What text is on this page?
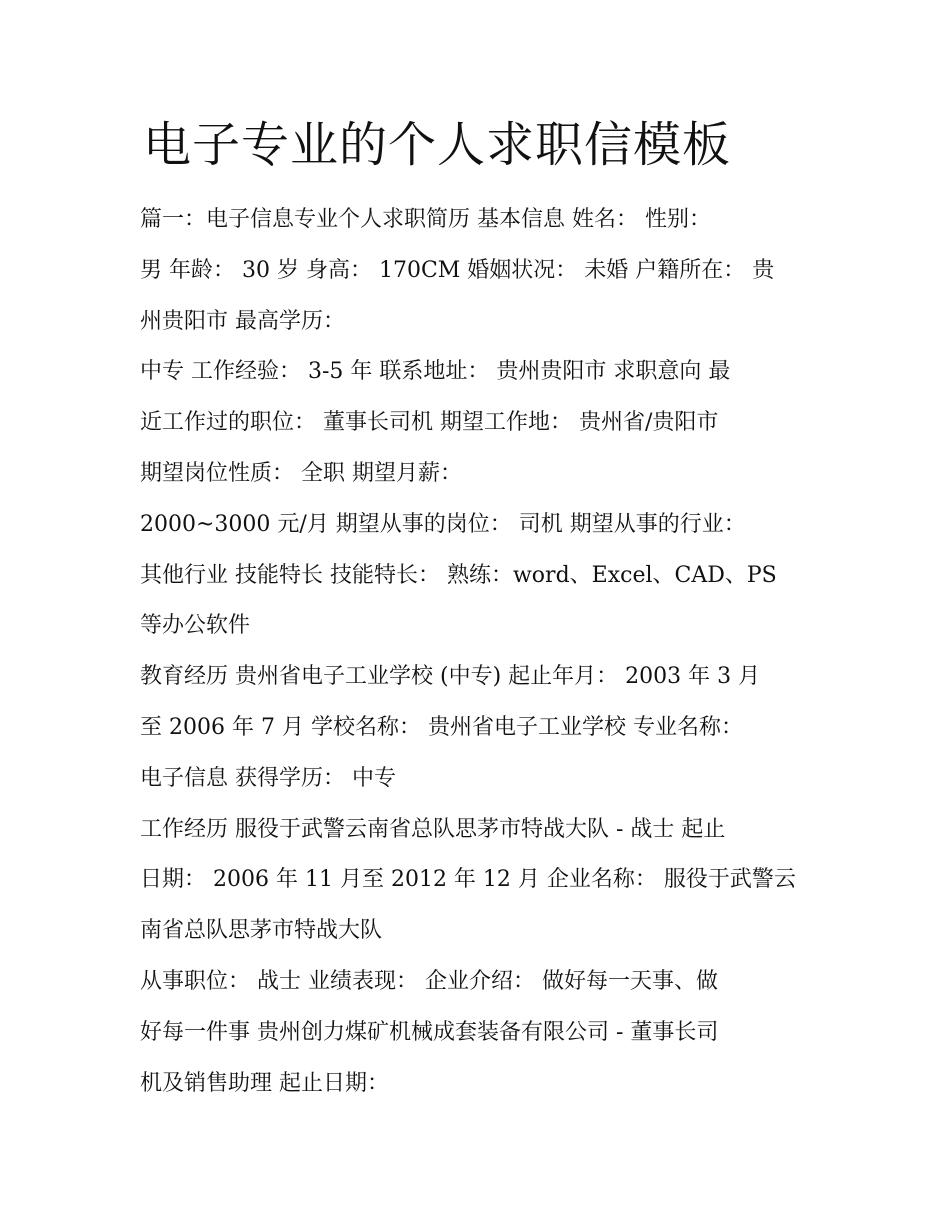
电子专业的个人求职信模板
篇一：电子信息专业个人求职简历 基本信息 姓名： 性别：
男 年龄： 30 岁 身高： 170CM 婚姻状况： 未婚 户籍所在： 贵
州贵阳市 最高学历：
中专 工作经验： 3-5 年 联系地址： 贵州贵阳市 求职意向 最
近工作过的职位： 董事长司机 期望工作地： 贵州省/贵阳市
期望岗位性质： 全职 期望月薪：
2000~3000 元/月 期望从事的岗位： 司机 期望从事的行业：
其他行业 技能特长 技能特长： 熟练：word、Excel、CAD、PS
等办公软件
教育经历 贵州省电子工业学校 (中专) 起止年月： 2003 年 3 月
至 2006 年 7 月 学校名称： 贵州省电子工业学校 专业名称：
电子信息 获得学历： 中专
工作经历 服役于武警云南省总队思茅市特战大队 - 战士 起止
日期： 2006 年 11 月至 2012 年 12 月 企业名称： 服役于武警云
南省总队思茅市特战大队
从事职位： 战士 业绩表现： 企业介绍： 做好每一天事、做
好每一件事 贵州创力煤矿机械成套装备有限公司 - 董事长司
机及销售助理 起止日期：
